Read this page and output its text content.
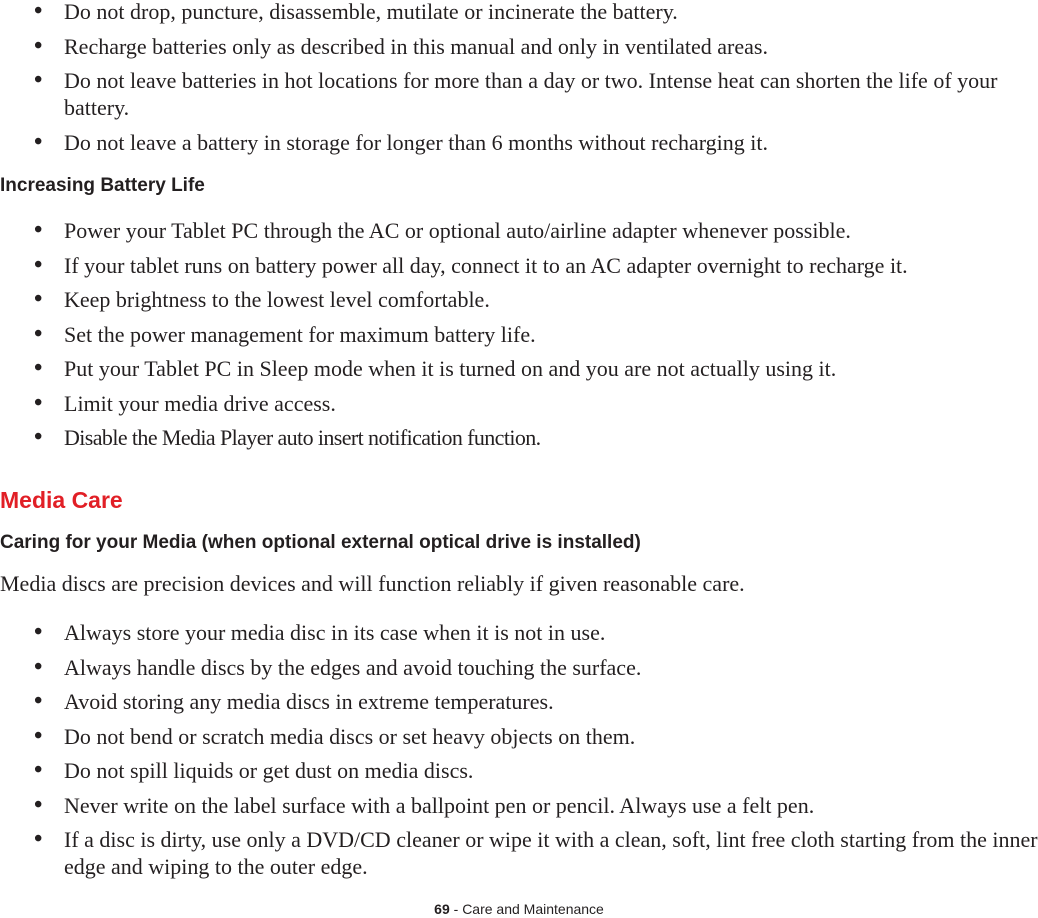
• Do not drop, puncture, disassemble, mutilate or incinerate the battery.
• Recharge batteries only as described in this manual and only in ventilated areas.
• Do not leave batteries in hot locations for more than a day or two. Intense heat can shorten the life of your battery.
• Do not leave a battery in storage for longer than 6 months without recharging it.
Increasing Battery Life
• Power your Tablet PC through the AC or optional auto/airline adapter whenever possible.
• If your tablet runs on battery power all day, connect it to an AC adapter overnight to recharge it.
• Keep brightness to the lowest level comfortable.
• Set the power management for maximum battery life.
• Put your Tablet PC in Sleep mode when it is turned on and you are not actually using it.
• Limit your media drive access.
• Disable the Media Player auto insert notification function.
Media Care
Caring for your Media (when optional external optical drive is installed)

Media discs are precision devices and will function reliably if given reasonable care.

• Always store your media disc in its case when it is not in use.
• Always handle discs by the edges and avoid touching the surface.
• Avoid storing any media discs in extreme temperatures.
• Do not bend or scratch media discs or set heavy objects on them.
• Do not spill liquids or get dust on media discs.
• Never write on the label surface with a ballpoint pen or pencil. Always use a felt pen.
• If a disc is dirty, use only a DVD/CD cleaner or wipe it with a clean, soft, lint free cloth starting from the inner edge and wiping to the outer edge.
69 - Care and Maintenance
